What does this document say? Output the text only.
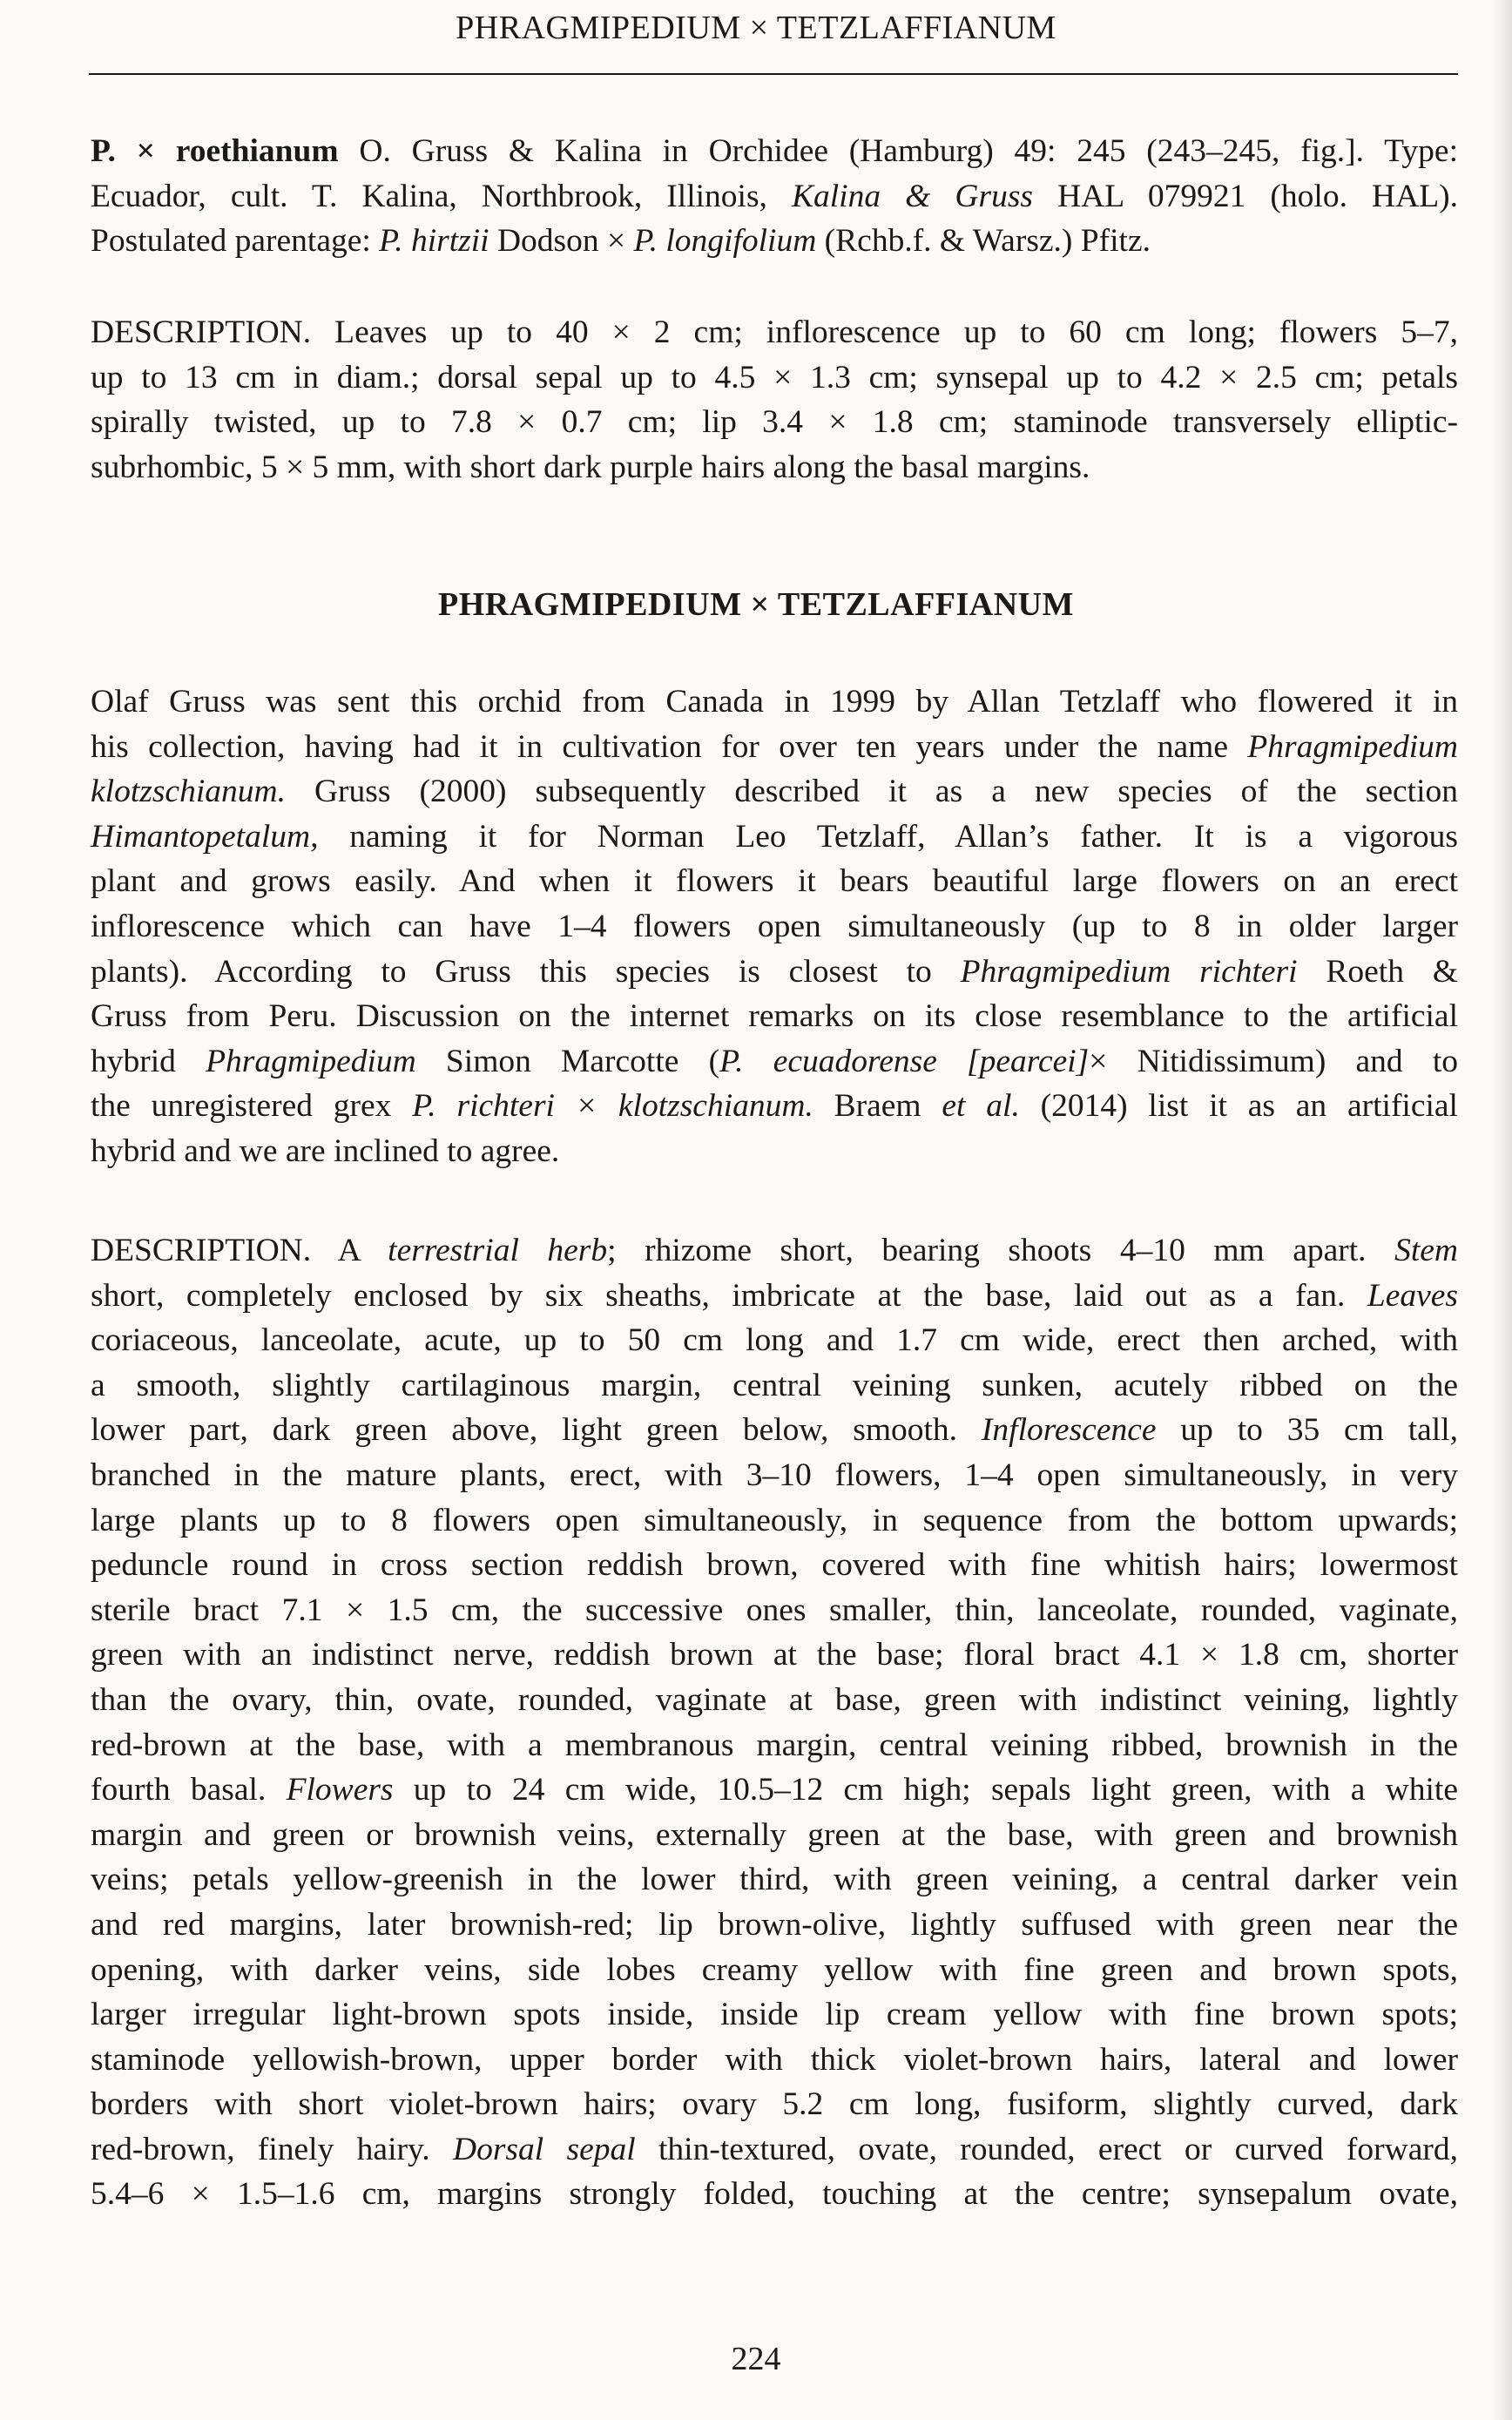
PHRAGMIPEDIUM × TETZLAFFIANUM

P. × roethianum O. Gruss & Kalina in Orchidee (Hamburg) 49: 245 (243–245, fig.]. Type:
Ecuador, cult. T. Kalina, Northbrook, Illinois, Kalina & Gruss HAL 079921 (holo. HAL).
Postulated parentage: P. hirtzii Dodson × P. longifolium (Rchb.f. & Warsz.) Pfitz.

DESCRIPTION. Leaves up to 40 × 2 cm; inflorescence up to 60 cm long; flowers 5–7,
up to 13 cm in diam.; dorsal sepal up to 4.5 × 1.3 cm; synsepal up to 4.2 × 2.5 cm; petals
spirally twisted, up to 7.8 × 0.7 cm; lip 3.4 × 1.8 cm; staminode transversely elliptic-
subrhombic, 5 × 5 mm, with short dark purple hairs along the basal margins.

PHRAGMIPEDIUM × TETZLAFFIANUM

Olaf Gruss was sent this orchid from Canada in 1999 by Allan Tetzlaff who flowered it in
his collection, having had it in cultivation for over ten years under the name Phragmipedium
klotzschianum. Gruss (2000) subsequently described it as a new species of the section
Himantopetalum, naming it for Norman Leo Tetzlaff, Allan’s father. It is a vigorous
plant and grows easily. And when it flowers it bears beautiful large flowers on an erect
inflorescence which can have 1–4 flowers open simultaneously (up to 8 in older larger
plants). According to Gruss this species is closest to Phragmipedium richteri Roeth &
Gruss from Peru. Discussion on the internet remarks on its close resemblance to the artificial
hybrid Phragmipedium Simon Marcotte (P. ecuadorense [pearcei]× Nitidissimum) and to
the unregistered grex P. richteri × klotzschianum. Braem et al. (2014) list it as an artificial
hybrid and we are inclined to agree.

DESCRIPTION. A terrestrial herb; rhizome short, bearing shoots 4–10 mm apart. Stem
short, completely enclosed by six sheaths, imbricate at the base, laid out as a fan. Leaves
coriaceous, lanceolate, acute, up to 50 cm long and 1.7 cm wide, erect then arched, with
a smooth, slightly cartilaginous margin, central veining sunken, acutely ribbed on the
lower part, dark green above, light green below, smooth. Inflorescence up to 35 cm tall,
branched in the mature plants, erect, with 3–10 flowers, 1–4 open simultaneously, in very
large plants up to 8 flowers open simultaneously, in sequence from the bottom upwards;
peduncle round in cross section reddish brown, covered with fine whitish hairs; lowermost
sterile bract 7.1 × 1.5 cm, the successive ones smaller, thin, lanceolate, rounded, vaginate,
green with an indistinct nerve, reddish brown at the base; floral bract 4.1 × 1.8 cm, shorter
than the ovary, thin, ovate, rounded, vaginate at base, green with indistinct veining, lightly
red-brown at the base, with a membranous margin, central veining ribbed, brownish in the
fourth basal. Flowers up to 24 cm wide, 10.5–12 cm high; sepals light green, with a white
margin and green or brownish veins, externally green at the base, with green and brownish
veins; petals yellow-greenish in the lower third, with green veining, a central darker vein
and red margins, later brownish-red; lip brown-olive, lightly suffused with green near the
opening, with darker veins, side lobes creamy yellow with fine green and brown spots,
larger irregular light-brown spots inside, inside lip cream yellow with fine brown spots;
staminode yellowish-brown, upper border with thick violet-brown hairs, lateral and lower
borders with short violet-brown hairs; ovary 5.2 cm long, fusiform, slightly curved, dark
red-brown, finely hairy. Dorsal sepal thin-textured, ovate, rounded, erect or curved forward,
5.4–6 × 1.5–1.6 cm, margins strongly folded, touching at the centre; synsepalum ovate,

224
